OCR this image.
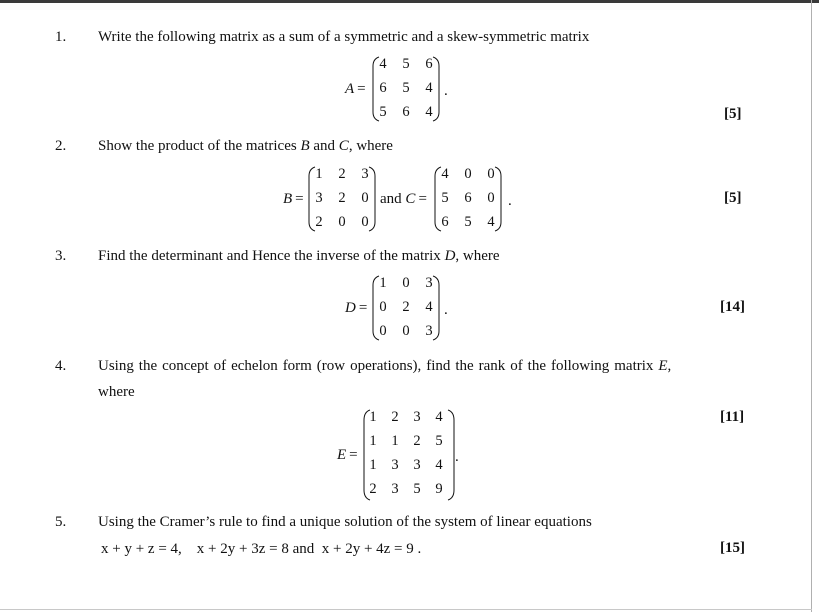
1. Write the following matrix as a sum of a symmetric and a skew-symmetric matrix
A =
4 5 6
6 5 4
5 6 4
.
[5]
2. Show the product of the matrices B and C, where
B =
1 2 3
3 2 0
2 0 0
and C =
4 0 0
5 6 0
6 5 4
.	[5]
3. Find the determinant and Hence the inverse of the matrix D, where
D =
1 0 3
0 2 4
0 0 3
.	[14]
4. Using the concept of echelon form (row operations), find the rank of the following matrix E,
where
E =
1 2 3 4
1 1 2 5
1 3 3 4
2 3 5 9
.
[11]
5. Using the Cramer’s rule to find a unique solution of the system of linear equations
x + y + z = 4,    x + 2y + 3z = 8 and  x + 2y + 4z = 9 .	[15]
